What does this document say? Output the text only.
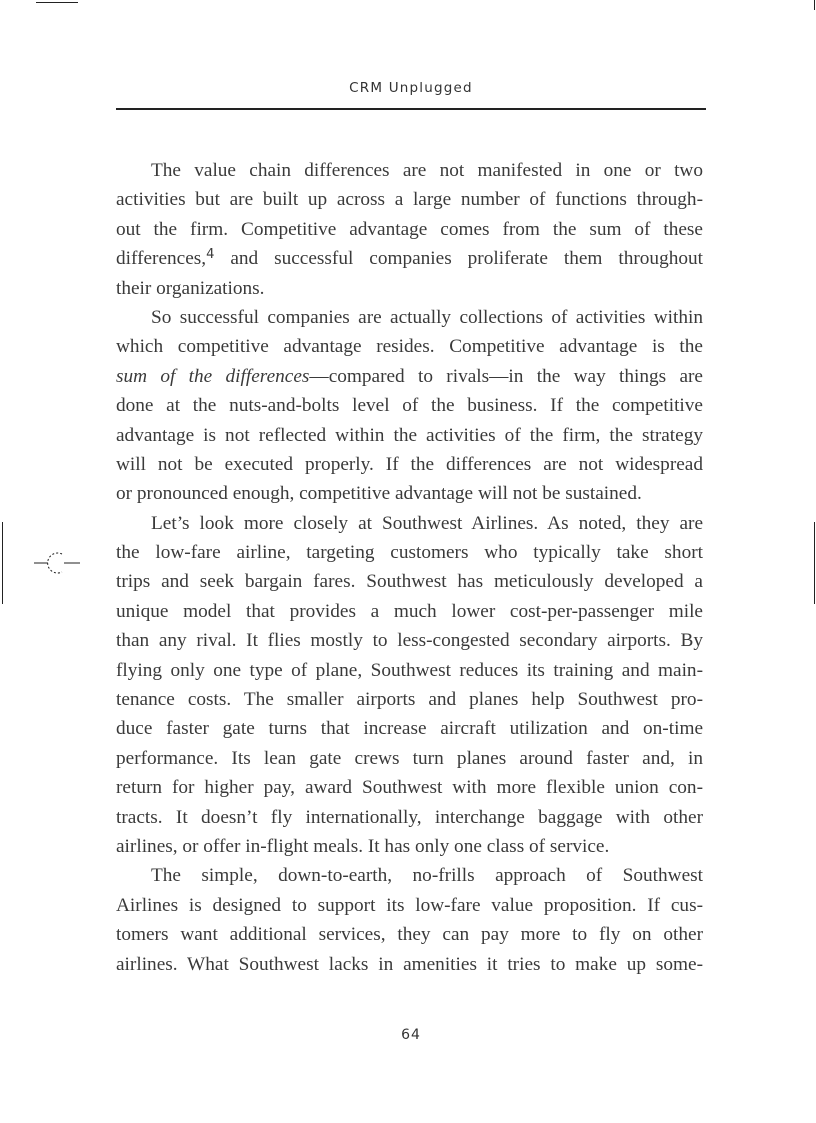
CRM Unplugged
The value chain differences are not manifested in one or two
activities but are built up across a large number of functions through-
out the firm. Competitive advantage comes from the sum of these
differences,$^4$ and successful companies proliferate them throughout
their organizations.
So successful companies are actually collections of activities within
which competitive advantage resides. Competitive advantage is the
sum of the differences—compared to rivals—in the way things are
done at the nuts-and-bolts level of the business. If the competitive
advantage is not reflected within the activities of the firm, the strategy
will not be executed properly. If the differences are not widespread
or pronounced enough, competitive advantage will not be sustained.
Let’s look more closely at Southwest Airlines. As noted, they are
the low-fare airline, targeting customers who typically take short
trips and seek bargain fares. Southwest has meticulously developed a
unique model that provides a much lower cost-per-passenger mile
than any rival. It flies mostly to less-congested secondary airports. By
flying only one type of plane, Southwest reduces its training and main-
tenance costs. The smaller airports and planes help Southwest pro-
duce faster gate turns that increase aircraft utilization and on-time
performance. Its lean gate crews turn planes around faster and, in
return for higher pay, award Southwest with more flexible union con-
tracts. It doesn’t fly internationally, interchange baggage with other
airlines, or offer in-flight meals. It has only one class of service.
The simple, down-to-earth, no-frills approach of Southwest
Airlines is designed to support its low-fare value proposition. If cus-
tomers want additional services, they can pay more to fly on other
airlines. What Southwest lacks in amenities it tries to make up some-
64
